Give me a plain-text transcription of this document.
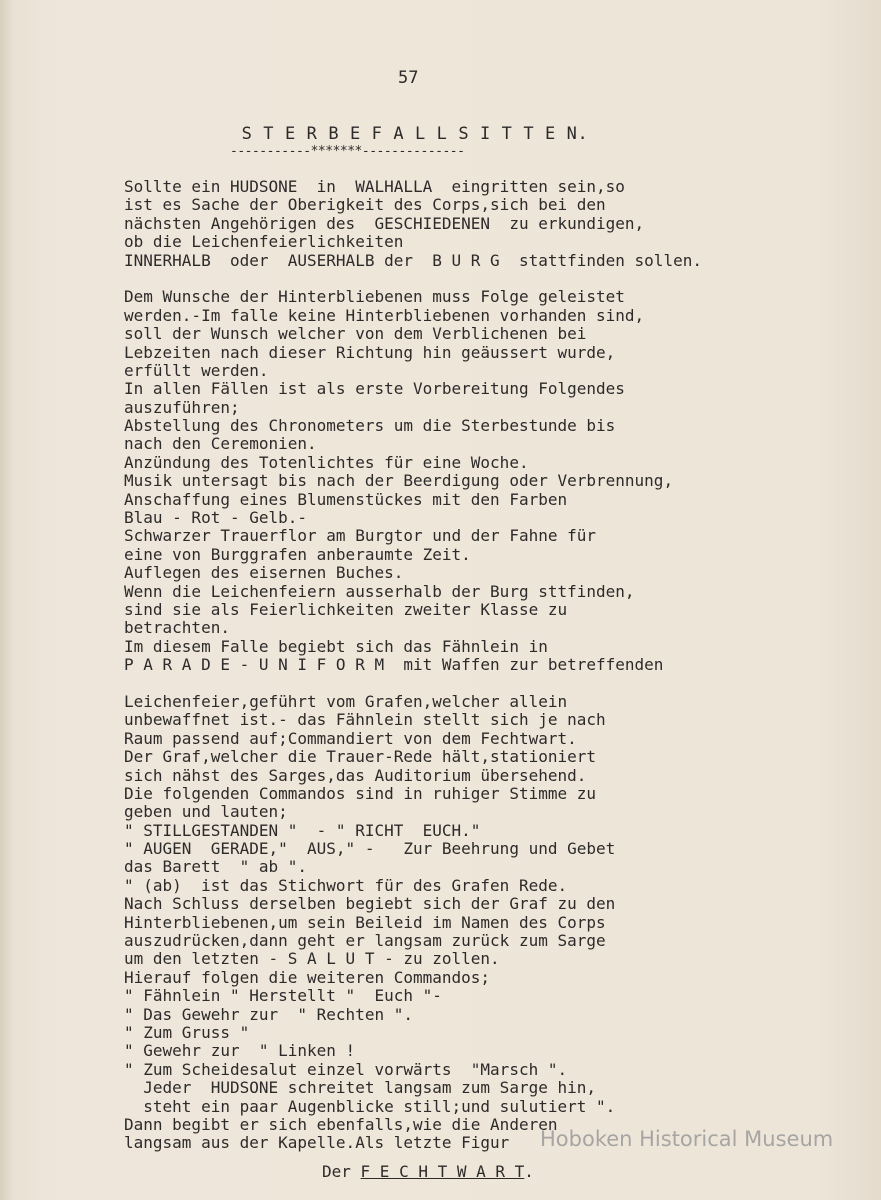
57
S T E R B E F A L L S I T T E N.
-----------*******--------------
Sollte ein HUDSONE  in  WALHALLA  eingritten sein,so
ist es Sache der Oberigkeit des Corps,sich bei den
nächsten Angehörigen des  GESCHIEDENEN  zu erkundigen,
ob die Leichenfeierlichkeiten
INNERHALB  oder  AUSERHALB der  B U R G  stattfinden sollen.
Dem Wunsche der Hinterbliebenen muss Folge geleistet
werden.-Im falle keine Hinterbliebenen vorhanden sind,
soll der Wunsch welcher von dem Verblichenen bei
Lebzeiten nach dieser Richtung hin geäussert wurde,
erfüllt werden.
In allen Fällen ist als erste Vorbereitung Folgendes
auszuführen;
Abstellung des Chronometers um die Sterbestunde bis
nach den Ceremonien.
Anzündung des Totenlichtes für eine Woche.
Musik untersagt bis nach der Beerdigung oder Verbrennung,
Anschaffung eines Blumenstückes mit den Farben
Blau - Rot - Gelb.-
Schwarzer Trauerflor am Burgtor und der Fahne für
eine von Burggrafen anberaumte Zeit.
Auflegen des eisernen Buches.
Wenn die Leichenfeiern ausserhalb der Burg sttfinden,
sind sie als Feierlichkeiten zweiter Klasse zu
betrachten.
Im diesem Falle begiebt sich das Fähnlein in
P A R A D E - U N I F O R M  mit Waffen zur betreffenden
Leichenfeier,geführt vom Grafen,welcher allein
unbewaffnet ist.- das Fähnlein stellt sich je nach
Raum passend auf;Commandiert von dem Fechtwart.
Der Graf,welcher die Trauer-Rede hält,stationiert
sich nähst des Sarges,das Auditorium übersehend.
Die folgenden Commandos sind in ruhiger Stimme zu
geben und lauten;
" STILLGESTANDEN "  - " RICHT  EUCH."
" AUGEN  GERADE,"  AUS," -   Zur Beehrung und Gebet
das Barett  " ab ".
" (ab)  ist das Stichwort für des Grafen Rede.
Nach Schluss derselben begiebt sich der Graf zu den
Hinterbliebenen,um sein Beileid im Namen des Corps
auszudrücken,dann geht er langsam zurück zum Sarge
um den letzten - S A L U T - zu zollen.
Hierauf folgen die weiteren Commandos;
" Fähnlein " Herstellt "  Euch "-
" Das Gewehr zur  " Rechten ".
" Zum Gruss "
" Gewehr zur  " Linken !
" Zum Scheidesalut einzel vorwärts  "Marsch ".
Jeder  HUDSONE schreitet langsam zum Sarge hin,
steht ein paar Augenblicke still;und sulutiert ".
Dann begibt er sich ebenfalls,wie die Anderen
langsam aus der Kapelle.Als letzte Figur
Der F E C H T W A R T.
Hoboken Historical Museum
